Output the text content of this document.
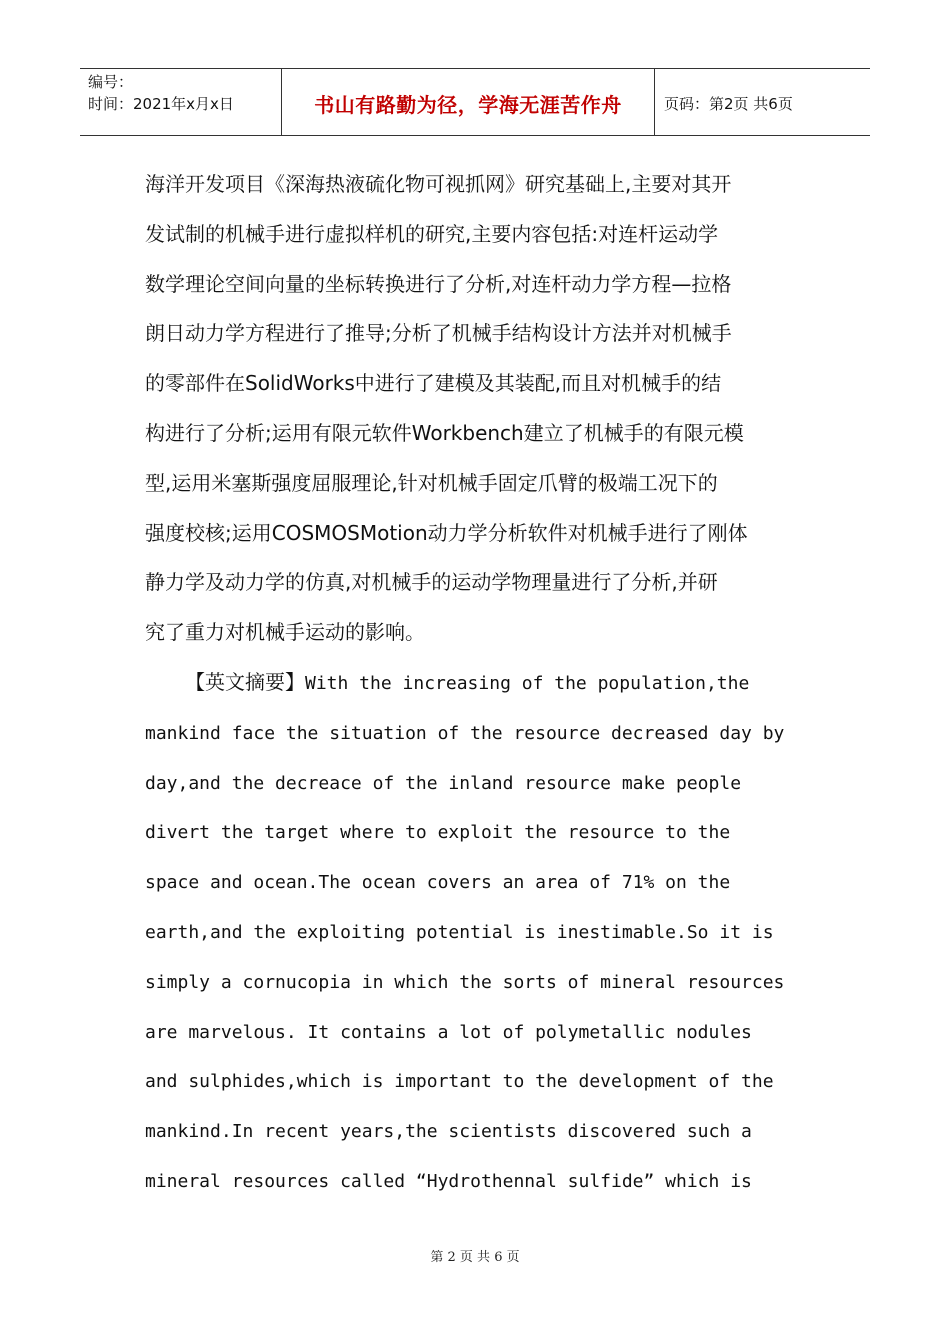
编号：
时间：2021年x月x日	书山有路勤为径，学海无涯苦作舟	页码：第2页 共6页

海洋开发项目《深海热液硫化物可视抓网》研究基础上,主要对其开
发试制的机械手进行虚拟样机的研究,主要内容包括:对连杆运动学
数学理论空间向量的坐标转换进行了分析,对连杆动力学方程—拉格
朗日动力学方程进行了推导;分析了机械手结构设计方法并对机械手
的零部件在SolidWorks中进行了建模及其装配,而且对机械手的结
构进行了分析;运用有限元软件Workbench建立了机械手的有限元模
型,运用米塞斯强度屈服理论,针对机械手固定爪臂的极端工况下的
强度校核;运用COSMOSMotion动力学分析软件对机械手进行了刚体
静力学及动力学的仿真,对机械手的运动学物理量进行了分析,并研
究了重力对机械手运动的影响。

【英文摘要】With the increasing of the population,the
mankind face the situation of the resource decreased day by
day,and the decreace of the inland resource make people
divert the target where to exploit the resource to the
space and ocean.The ocean covers an area of 71% on the
earth,and the exploiting potential is inestimable.So it is
simply a cornucopia in which the sorts of mineral resources
are marvelous. It contains a lot of polymetallic nodules
and sulphides,which is important to the development of the
mankind.In recent years,the scientists discovered such a
mineral resources called “Hydrothennal sulfide” which is

第 2 页 共 6 页
